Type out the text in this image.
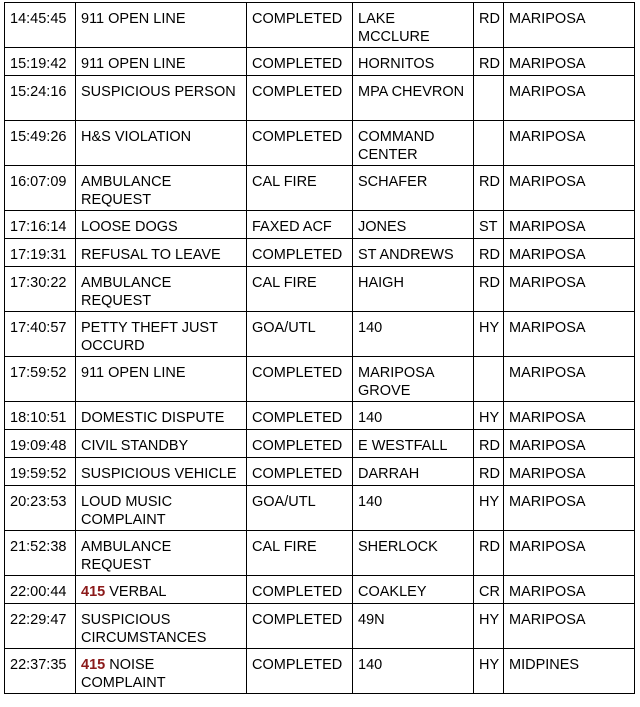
14:45:45	911 OPEN LINE	COMPLETED	LAKE MCCLURE	RD	MARIPOSA
15:19:42	911 OPEN LINE	COMPLETED	HORNITOS	RD	MARIPOSA
15:24:16	SUSPICIOUS PERSON	COMPLETED	MPA CHEVRON		MARIPOSA
15:49:26	H&S VIOLATION	COMPLETED	COMMAND CENTER		MARIPOSA
16:07:09	AMBULANCE REQUEST	CAL FIRE	SCHAFER	RD	MARIPOSA
17:16:14	LOOSE DOGS	FAXED ACF	JONES	ST	MARIPOSA
17:19:31	REFUSAL TO LEAVE	COMPLETED	ST ANDREWS	RD	MARIPOSA
17:30:22	AMBULANCE REQUEST	CAL FIRE	HAIGH	RD	MARIPOSA
17:40:57	PETTY THEFT JUST OCCURD	GOA/UTL	140	HY	MARIPOSA
17:59:52	911 OPEN LINE	COMPLETED	MARIPOSA GROVE		MARIPOSA
18:10:51	DOMESTIC DISPUTE	COMPLETED	140	HY	MARIPOSA
19:09:48	CIVIL STANDBY	COMPLETED	E WESTFALL	RD	MARIPOSA
19:59:52	SUSPICIOUS VEHICLE	COMPLETED	DARRAH	RD	MARIPOSA
20:23:53	LOUD MUSIC COMPLAINT	GOA/UTL	140	HY	MARIPOSA
21:52:38	AMBULANCE REQUEST	CAL FIRE	SHERLOCK	RD	MARIPOSA
22:00:44	415 VERBAL	COMPLETED	COAKLEY	CR	MARIPOSA
22:29:47	SUSPICIOUS CIRCUMSTANCES	COMPLETED	49N	HY	MARIPOSA
22:37:35	415 NOISE COMPLAINT	COMPLETED	140	HY	MIDPINES
